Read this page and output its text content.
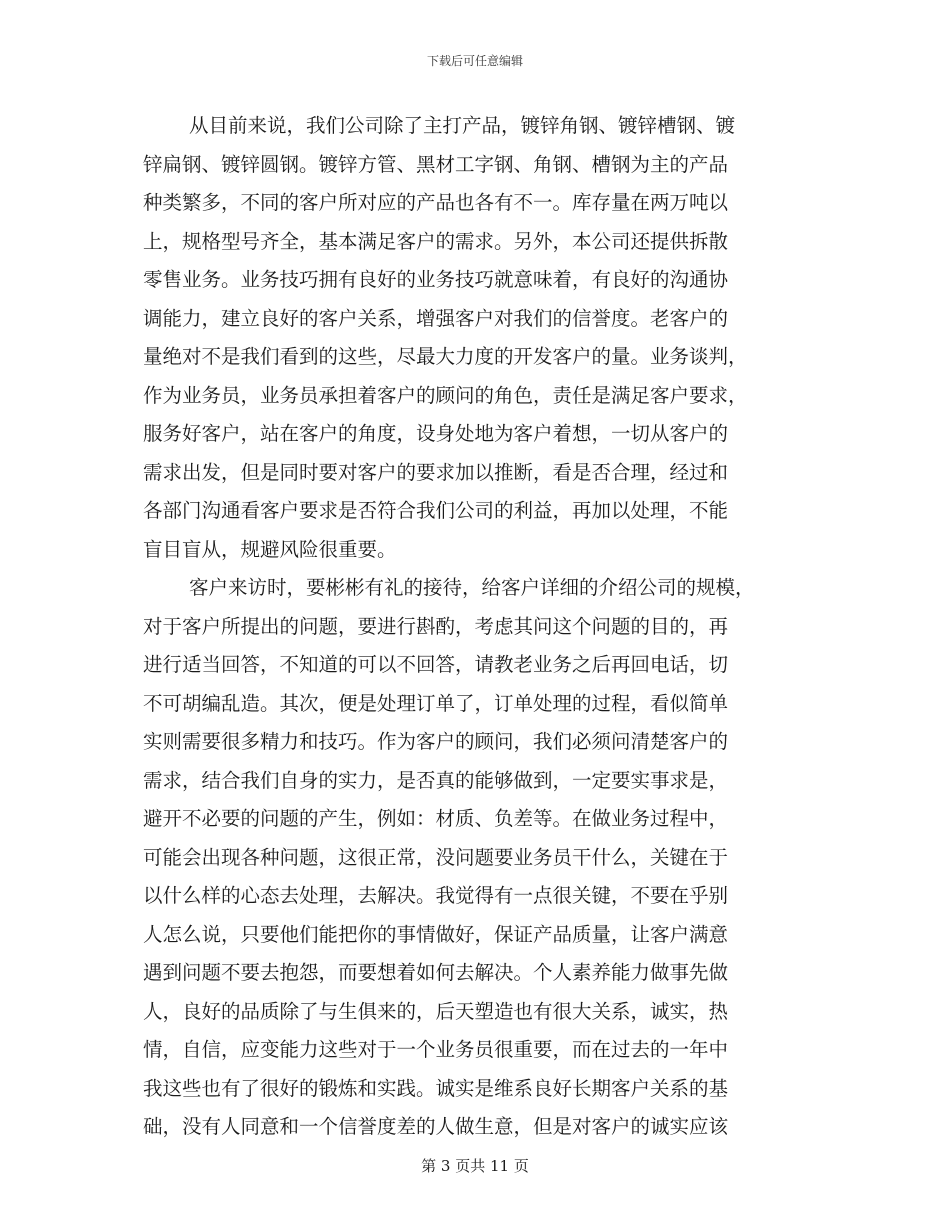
下载后可任意编辑
从目前来说，我们公司除了主打产品，镀锌角钢、镀锌槽钢、镀
锌扁钢、镀锌圆钢。镀锌方管、黑材工字钢、角钢、槽钢为主的产品
种类繁多，不同的客户所对应的产品也各有不一。库存量在两万吨以
上，规格型号齐全，基本满足客户的需求。另外，本公司还提供拆散
零售业务。业务技巧拥有良好的业务技巧就意味着，有良好的沟通协
调能力，建立良好的客户关系，增强客户对我们的信誉度。老客户的
量绝对不是我们看到的这些，尽最大力度的开发客户的量。业务谈判，
作为业务员，业务员承担着客户的顾问的角色，责任是满足客户要求，
服务好客户，站在客户的角度，设身处地为客户着想，一切从客户的
需求出发，但是同时要对客户的要求加以推断，看是否合理，经过和
各部门沟通看客户要求是否符合我们公司的利益，再加以处理，不能
盲目盲从，规避风险很重要。
客户来访时，要彬彬有礼的接待，给客户详细的介绍公司的规模，
对于客户所提出的问题，要进行斟酌，考虑其问这个问题的目的，再
进行适当回答，不知道的可以不回答，请教老业务之后再回电话，切
不可胡编乱造。其次，便是处理订单了，订单处理的过程，看似简单
实则需要很多精力和技巧。作为客户的顾问，我们必须问清楚客户的
需求，结合我们自身的实力，是否真的能够做到，一定要实事求是，
避开不必要的问题的产生，例如：材质、负差等。在做业务过程中，
可能会出现各种问题，这很正常，没问题要业务员干什么，关键在于
以什么样的心态去处理，去解决。我觉得有一点很关键，不要在乎别
人怎么说，只要他们能把你的事情做好，保证产品质量，让客户满意
遇到问题不要去抱怨，而要想着如何去解决。个人素养能力做事先做
人，良好的品质除了与生俱来的，后天塑造也有很大关系，诚实，热
情，自信，应变能力这些对于一个业务员很重要，而在过去的一年中
我这些也有了很好的锻炼和实践。诚实是维系良好长期客户关系的基
础，没有人同意和一个信誉度差的人做生意，但是对客户的诚实应该
第 3 页共 11 页
